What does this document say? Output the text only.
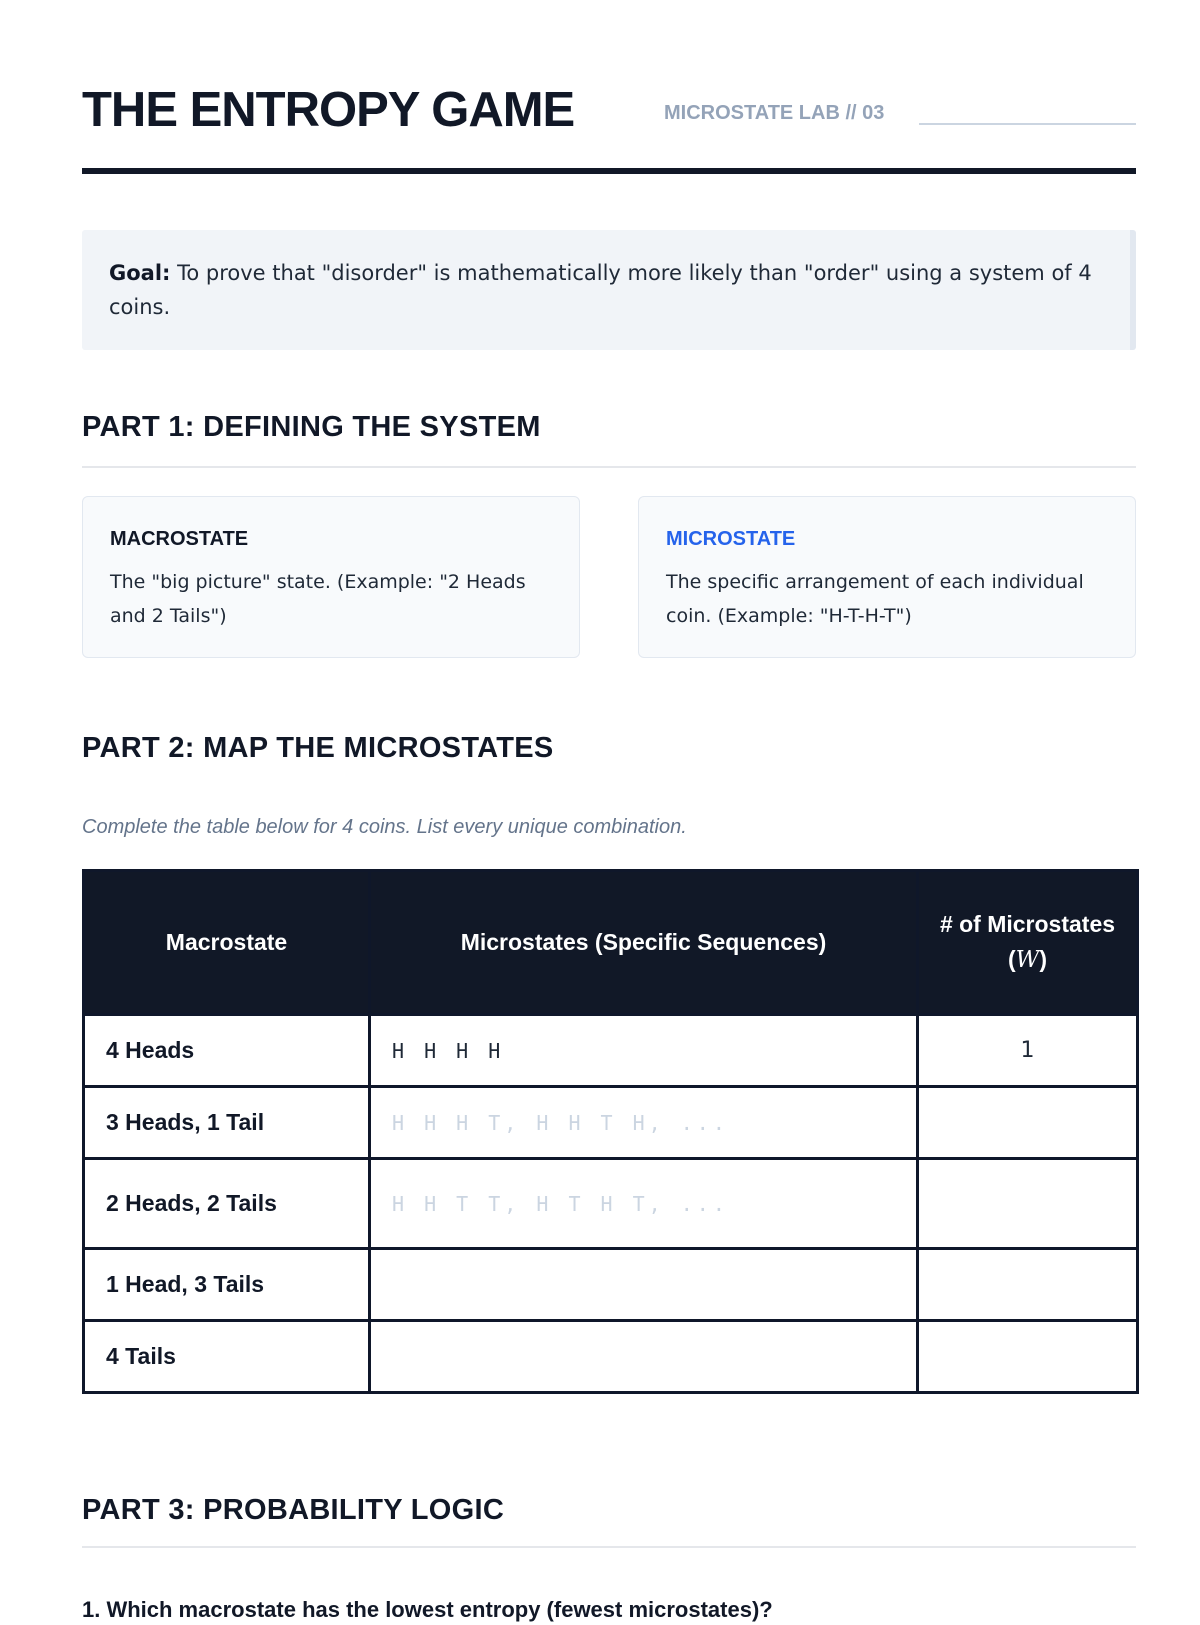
THE ENTROPY GAME	MICROSTATE LAB // 03
Goal: To prove that "disorder" is mathematically more likely than "order" using a system of 4 coins.
PART 1: DEFINING THE SYSTEM
MACROSTATE
The "big picture" state. (Example: "2 Heads and 2 Tails")
MICROSTATE
The specific arrangement of each individual coin. (Example: "H-T-H-T")
PART 2: MAP THE MICROSTATES
Complete the table below for 4 coins. List every unique combination.
Macrostate	Microstates (Specific Sequences)	# of Microstates (W)
4 Heads	H H H H	1
3 Heads, 1 Tail	H H H T, H H T H, ...	
2 Heads, 2 Tails	H H T T, H T H T, ...	
1 Head, 3 Tails		
4 Tails		
PART 3: PROBABILITY LOGIC
1. Which macrostate has the lowest entropy (fewest microstates)?
